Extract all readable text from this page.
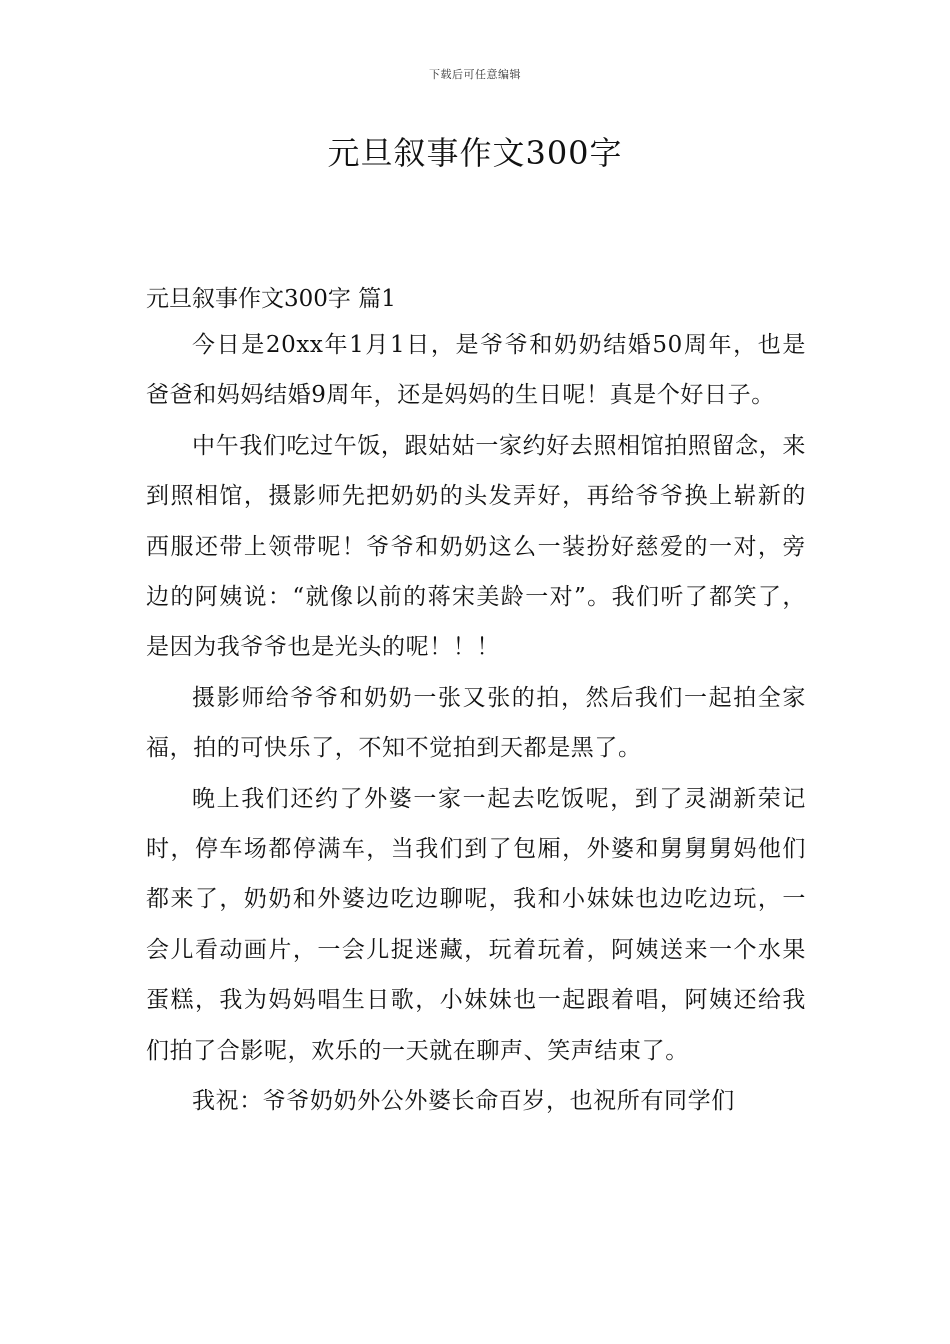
下载后可任意编辑
元旦叙事作文300字
元旦叙事作文300字 篇1

今日是20xx年1月1日，是爷爷和奶奶结婚50周年，也是爸爸和妈妈结婚9周年，还是妈妈的生日呢！真是个好日子。

中午我们吃过午饭，跟姑姑一家约好去照相馆拍照留念，来到照相馆，摄影师先把奶奶的头发弄好，再给爷爷换上崭新的西服还带上领带呢！爷爷和奶奶这么一装扮好慈爱的一对，旁边的阿姨说：“就像以前的蒋宋美龄一对”。我们听了都笑了，是因为我爷爷也是光头的呢！！！

摄影师给爷爷和奶奶一张又张的拍，然后我们一起拍全家福，拍的可快乐了，不知不觉拍到天都是黑了。

晚上我们还约了外婆一家一起去吃饭呢，到了灵湖新荣记时，停车场都停满车，当我们到了包厢，外婆和舅舅舅妈他们都来了，奶奶和外婆边吃边聊呢，我和小妹妹也边吃边玩，一会儿看动画片，一会儿捉迷藏，玩着玩着，阿姨送来一个水果蛋糕，我为妈妈唱生日歌，小妹妹也一起跟着唱，阿姨还给我们拍了合影呢，欢乐的一天就在聊声、笑声结束了。

我祝：爷爷奶奶外公外婆长命百岁，也祝所有同学们
